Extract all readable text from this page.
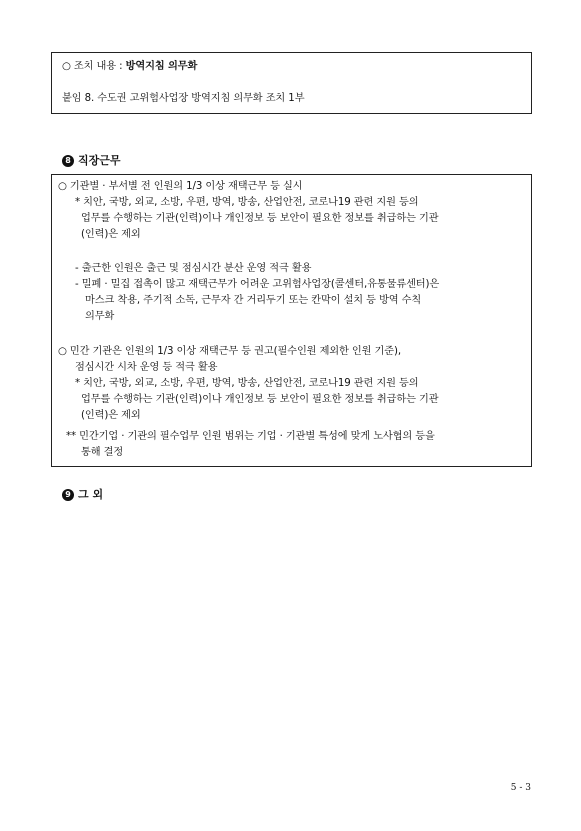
○ 조치 내용 : 방역지침 의무화
붙임 8. 수도권 고위험사업장 방역지침 의무화 조치 1부
8 직장근무
○ 기관별 · 부서별 전 인원의 1/3 이상 재택근무 등 실시
* 치안, 국방, 외교, 소방, 우편, 방역, 방송, 산업안전, 코로나19 관련 지원 등의
업무를 수행하는 기관(인력)이나 개인정보 등 보안이 필요한 정보를 취급하는 기관
(인력)은 제외
- 출근한 인원은 출근 및 점심시간 분산 운영 적극 활용
- 밀폐 · 밀집 접촉이 많고 재택근무가 어려운 고위험사업장(콜센터,유통물류센터)은
마스크 착용, 주기적 소독, 근무자 간 거리두기 또는 칸막이 설치 등 방역 수칙
의무화
○ 민간 기관은 인원의 1/3 이상 재택근무 등 권고(필수인원 제외한 인원 기준),
점심시간 시차 운영 등 적극 활용
* 치안, 국방, 외교, 소방, 우편, 방역, 방송, 산업안전, 코로나19 관련 지원 등의
업무를 수행하는 기관(인력)이나 개인정보 등 보안이 필요한 정보를 취급하는 기관
(인력)은 제외
** 민간기업 · 기관의 필수업무 인원 범위는 기업 · 기관별 특성에 맞게 노사협의 등을
통해 결정
9 그 외
5 - 3
